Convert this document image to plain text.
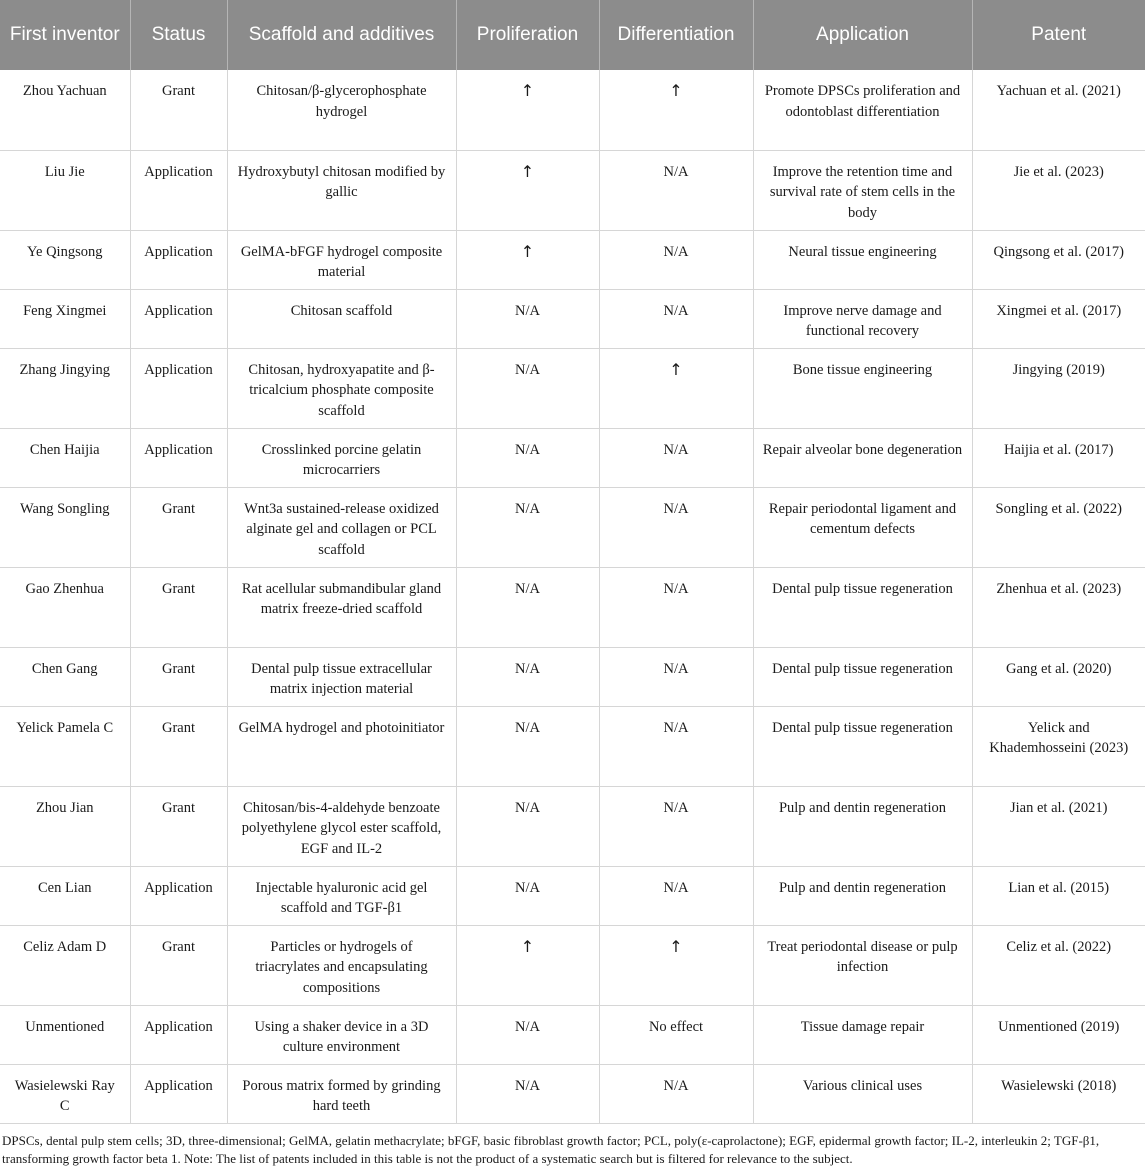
First inventor	Status	Scaffold and additives	Proliferation	Differentiation	Application	Patent
Zhou Yachuan	Grant	Chitosan/β-glycerophosphate hydrogel	↑	↑	Promote DPSCs proliferation and odontoblast differentiation	Yachuan et al. (2021)
Liu Jie	Application	Hydroxybutyl chitosan modified by gallic	↑	N/A	Improve the retention time and survival rate of stem cells in the body	Jie et al. (2023)
Ye Qingsong	Application	GelMA-bFGF hydrogel composite material	↑	N/A	Neural tissue engineering	Qingsong et al. (2017)
Feng Xingmei	Application	Chitosan scaffold	N/A	N/A	Improve nerve damage and functional recovery	Xingmei et al. (2017)
Zhang Jingying	Application	Chitosan, hydroxyapatite and β-tricalcium phosphate composite scaffold	N/A	↑	Bone tissue engineering	Jingying (2019)
Chen Haijia	Application	Crosslinked porcine gelatin microcarriers	N/A	N/A	Repair alveolar bone degeneration	Haijia et al. (2017)
Wang Songling	Grant	Wnt3a sustained-release oxidized alginate gel and collagen or PCL scaffold	N/A	N/A	Repair periodontal ligament and cementum defects	Songling et al. (2022)
Gao Zhenhua	Grant	Rat acellular submandibular gland matrix freeze-dried scaffold	N/A	N/A	Dental pulp tissue regeneration	Zhenhua et al. (2023)
Chen Gang	Grant	Dental pulp tissue extracellular matrix injection material	N/A	N/A	Dental pulp tissue regeneration	Gang et al. (2020)
Yelick Pamela C	Grant	GelMA hydrogel and photoinitiator	N/A	N/A	Dental pulp tissue regeneration	Yelick and Khademhosseini (2023)
Zhou Jian	Grant	Chitosan/bis-4-aldehyde benzoate polyethylene glycol ester scaffold, EGF and IL-2	N/A	N/A	Pulp and dentin regeneration	Jian et al. (2021)
Cen Lian	Application	Injectable hyaluronic acid gel scaffold and TGF-β1	N/A	N/A	Pulp and dentin regeneration	Lian et al. (2015)
Celiz Adam D	Grant	Particles or hydrogels of triacrylates and encapsulating compositions	↑	↑	Treat periodontal disease or pulp infection	Celiz et al. (2022)
Unmentioned	Application	Using a shaker device in a 3D culture environment	N/A	No effect	Tissue damage repair	Unmentioned (2019)
Wasielewski Ray C	Application	Porous matrix formed by grinding hard teeth	N/A	N/A	Various clinical uses	Wasielewski (2018)
DPSCs, dental pulp stem cells; 3D, three-dimensional; GelMA, gelatin methacrylate; bFGF, basic fibroblast growth factor; PCL, poly(ε-caprolactone); EGF, epidermal growth factor; IL-2, interleukin 2; TGF-β1, transforming growth factor beta 1. Note: The list of patents included in this table is not the product of a systematic search but is filtered for relevance to the subject.
